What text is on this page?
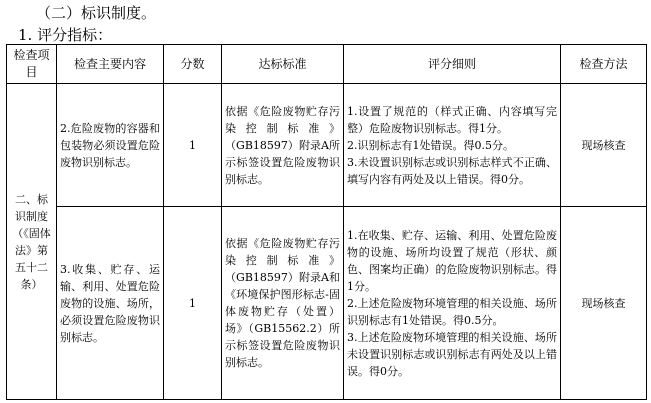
（二）标识制度。
1. 评分指标：
检查项目	检查主要内容	分数	达标标准	评分细则	检查方法
二、标识制度（《固体法》第五十二条）	2.危险废物的容器和包装物必须设置危险废物识别标志。	1	依据《危险废物贮存污染控制标准》（GB18597）附录A所示标签设置危险废物识别标志。	1.设置了规范的（样式正确、内容填写完整）危险废物识别标志。得1分。
2.识别标志有1处错误。得0.5分。
3.未设置识别标志或识别标志样式不正确、填写内容有两处及以上错误。得0分。	现场核查
	3.收集、贮存、运输、利用、处置危险废物的设施、场所，必须设置危险废物识别标志。	1	依据《危险废物贮存污染控制标准》（GB18597）附录A和《环境保护图形标志-固体废物贮存（处置）场》（GB15562.2）所示标签设置危险废物识别标志。	1.在收集、贮存、运输、利用、处置危险废物的设施、场所均设置了规范（形状、颜色、图案均正确）的危险废物识别标志。得1分。
2.上述危险废物环境管理的相关设施、场所识别标志有1处错误。得0.5分。
3.上述危险废物环境管理的相关设施、场所未设置识别标志或识别标志有两处及以上错误。得0分。	现场核查
